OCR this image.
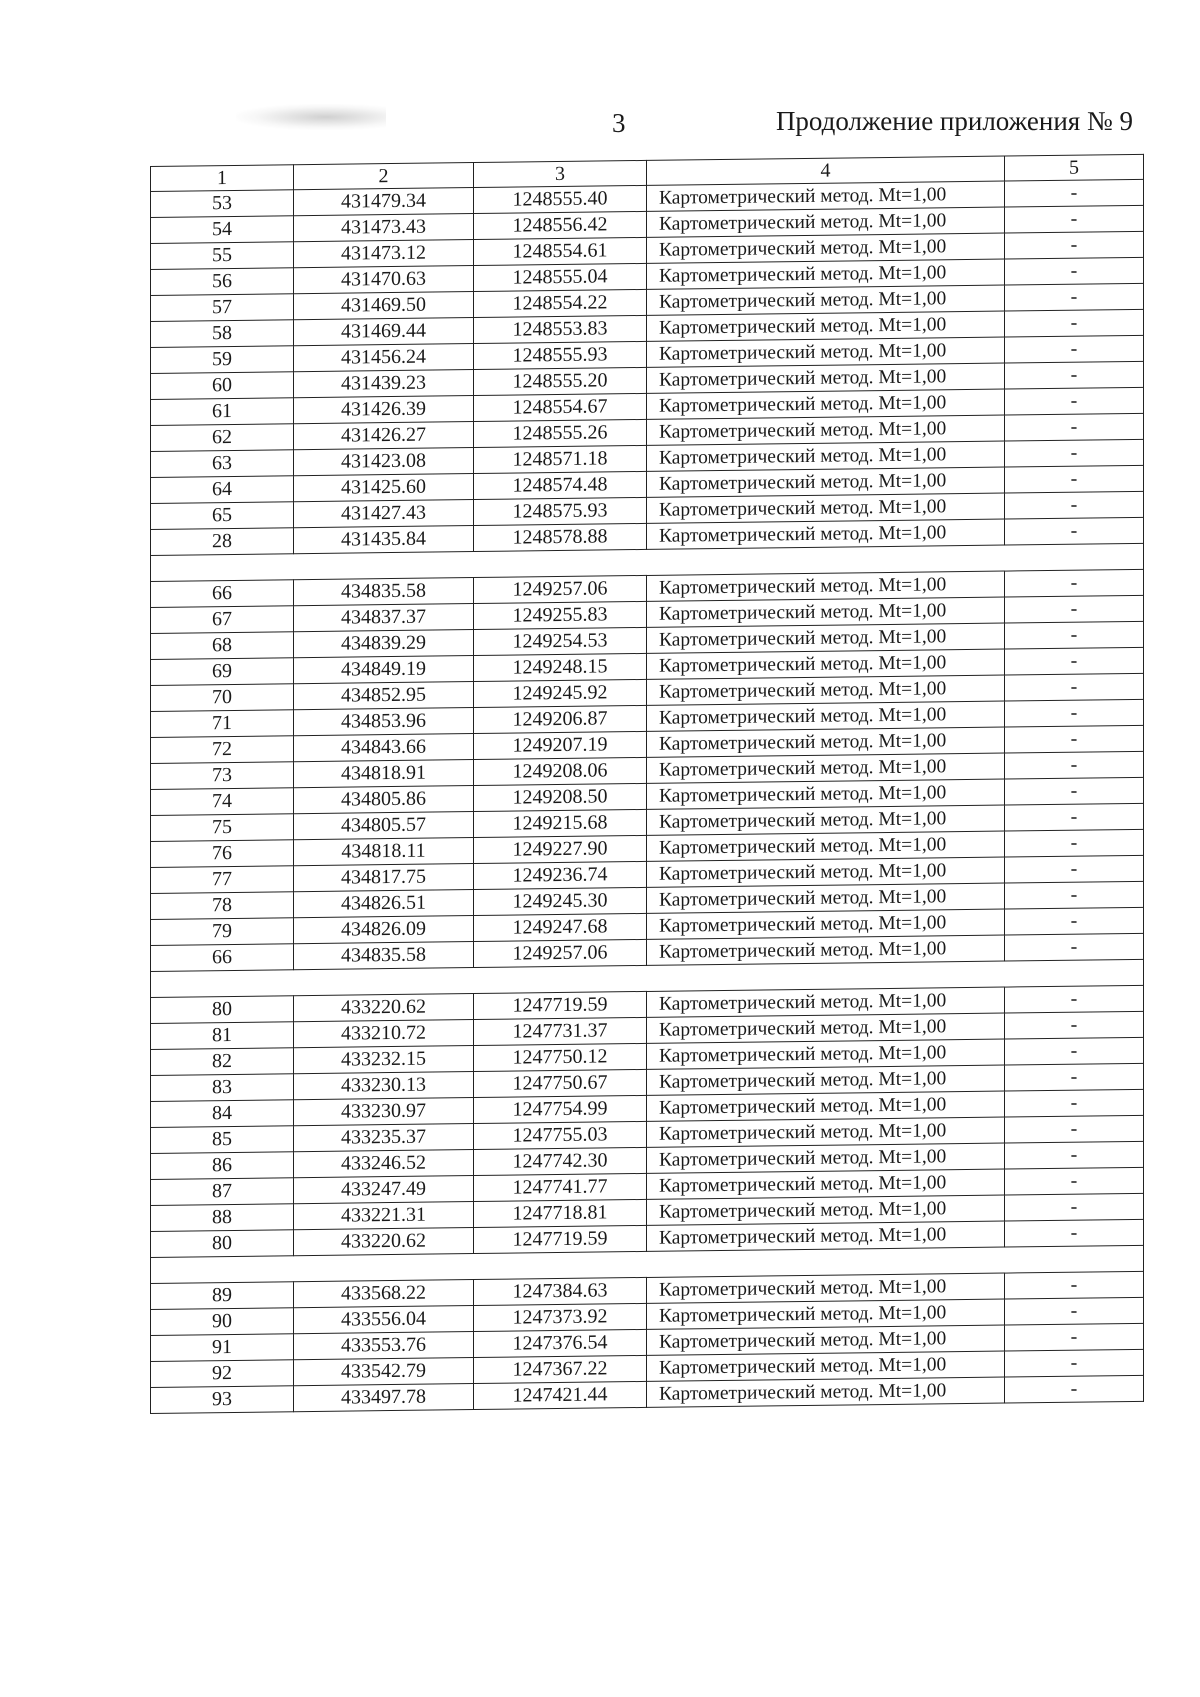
3	Продолжение приложения № 9
1	2	3	4	5
53	431479.34	1248555.40	Картометрический метод. Mt=1,00	-
54	431473.43	1248556.42	Картометрический метод. Mt=1,00	-
55	431473.12	1248554.61	Картометрический метод. Mt=1,00	-
56	431470.63	1248555.04	Картометрический метод. Mt=1,00	-
57	431469.50	1248554.22	Картометрический метод. Mt=1,00	-
58	431469.44	1248553.83	Картометрический метод. Mt=1,00	-
59	431456.24	1248555.93	Картометрический метод. Mt=1,00	-
60	431439.23	1248555.20	Картометрический метод. Mt=1,00	-
61	431426.39	1248554.67	Картометрический метод. Mt=1,00	-
62	431426.27	1248555.26	Картометрический метод. Mt=1,00	-
63	431423.08	1248571.18	Картометрический метод. Mt=1,00	-
64	431425.60	1248574.48	Картометрический метод. Mt=1,00	-
65	431427.43	1248575.93	Картометрический метод. Mt=1,00	-
28	431435.84	1248578.88	Картометрический метод. Mt=1,00	-

66	434835.58	1249257.06	Картометрический метод. Mt=1,00	-
67	434837.37	1249255.83	Картометрический метод. Mt=1,00	-
68	434839.29	1249254.53	Картометрический метод. Mt=1,00	-
69	434849.19	1249248.15	Картометрический метод. Mt=1,00	-
70	434852.95	1249245.92	Картометрический метод. Mt=1,00	-
71	434853.96	1249206.87	Картометрический метод. Mt=1,00	-
72	434843.66	1249207.19	Картометрический метод. Mt=1,00	-
73	434818.91	1249208.06	Картометрический метод. Mt=1,00	-
74	434805.86	1249208.50	Картометрический метод. Mt=1,00	-
75	434805.57	1249215.68	Картометрический метод. Mt=1,00	-
76	434818.11	1249227.90	Картометрический метод. Mt=1,00	-
77	434817.75	1249236.74	Картометрический метод. Mt=1,00	-
78	434826.51	1249245.30	Картометрический метод. Mt=1,00	-
79	434826.09	1249247.68	Картометрический метод. Mt=1,00	-
66	434835.58	1249257.06	Картометрический метод. Mt=1,00	-

80	433220.62	1247719.59	Картометрический метод. Mt=1,00	-
81	433210.72	1247731.37	Картометрический метод. Mt=1,00	-
82	433232.15	1247750.12	Картометрический метод. Mt=1,00	-
83	433230.13	1247750.67	Картометрический метод. Mt=1,00	-
84	433230.97	1247754.99	Картометрический метод. Mt=1,00	-
85	433235.37	1247755.03	Картометрический метод. Mt=1,00	-
86	433246.52	1247742.30	Картометрический метод. Mt=1,00	-
87	433247.49	1247741.77	Картометрический метод. Mt=1,00	-
88	433221.31	1247718.81	Картометрический метод. Mt=1,00	-
80	433220.62	1247719.59	Картометрический метод. Mt=1,00	-

89	433568.22	1247384.63	Картометрический метод. Mt=1,00	-
90	433556.04	1247373.92	Картометрический метод. Mt=1,00	-
91	433553.76	1247376.54	Картометрический метод. Mt=1,00	-
92	433542.79	1247367.22	Картометрический метод. Mt=1,00	-
93	433497.78	1247421.44	Картометрический метод. Mt=1,00	-
